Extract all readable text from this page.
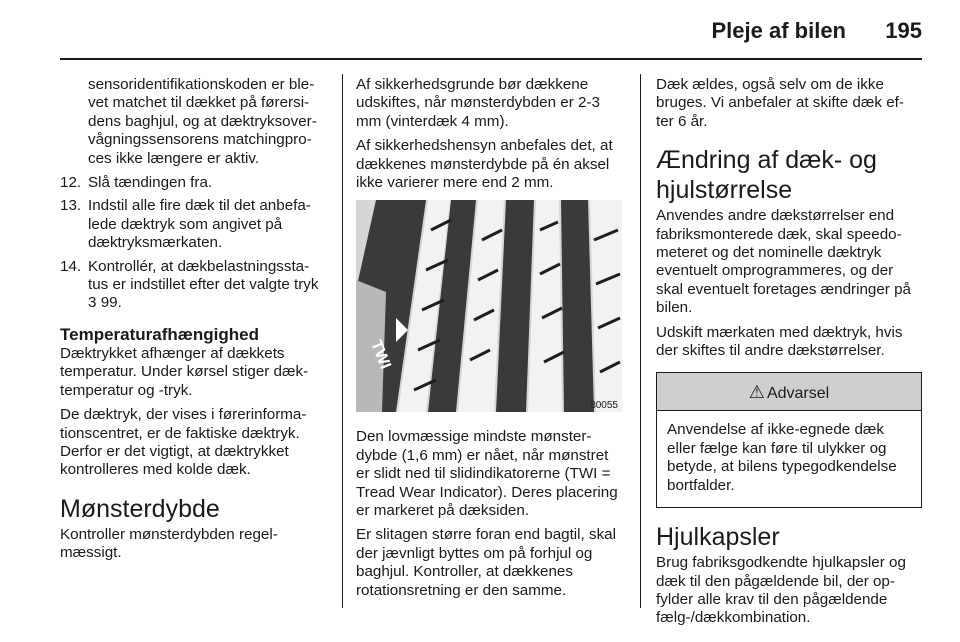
Pleje af bilen 195

sensoridentifikationskoden er ble- vet matchet til dækket på førersi- dens baghjul, og at dæktryksover- vågningssensorens matchingpro- ces ikke længere er aktiv.

12. Slå tændingen fra.
13. Indstil alle fire dæk til det anbefa- lede dæktryk som angivet på dæktryksmærkaten.
14. Kontrollér, at dækbelastningssta- tus er indstillet efter det valgte tryk
3 99.
Temperaturafhængighed

Dæktrykket afhænger af dækkets temperatur. Under kørsel stiger dæk- temperatur og -tryk.

De dæktryk, der vises i førerinforma- tionscentret, er de faktiske dæktryk. Derfor er det vigtigt, at dæktrykket kontrolleres med kolde dæk.

Mønsterdybde

Kontroller mønsterdybden regel- mæssigt.

Af sikkerhedsgrunde bør dækkene udskiftes, når mønsterdybden er 2-3 mm (vinterdæk 4 mm).

Af sikkerhedshensyn anbefales det, at dækkenes mønsterdybde på én aksel ikke varierer mere end 2 mm.

TWI
30055

Den lovmæssige mindste mønster- dybde (1,6 mm) er nået, når mønstret er slidt ned til slidindikatorerne (TWI = Tread Wear Indicator). Deres placering er markeret på dæksiden.

Er slitagen større foran end bagtil, skal der jævnligt byttes om på forhjul og baghjul. Kontroller, at dækkenes rotationsretning er den samme.

Dæk ældes, også selv om de ikke bruges. Vi anbefaler at skifte dæk ef- ter 6 år.

Ændring af dæk- og hjulstørrelse

Anvendes andre dækstørrelser end fabriksmonterede dæk, skal speedo- meteret og det nominelle dæktryk eventuelt omprogrammeres, og der skal eventuelt foretages ændringer på bilen.

Udskift mærkaten med dæktryk, hvis der skiftes til andre dækstørrelser.

⚠ Advarsel
Anvendelse af ikke-egnede dæk eller fælge kan føre til ulykker og betyde, at bilens typegodkendelse bortfalder.
Hjulkapsler

Brug fabriksgodkendte hjulkapsler og dæk til den pågældende bil, der op- fylder alle krav til den pågældende fælg-/dækkombination.
